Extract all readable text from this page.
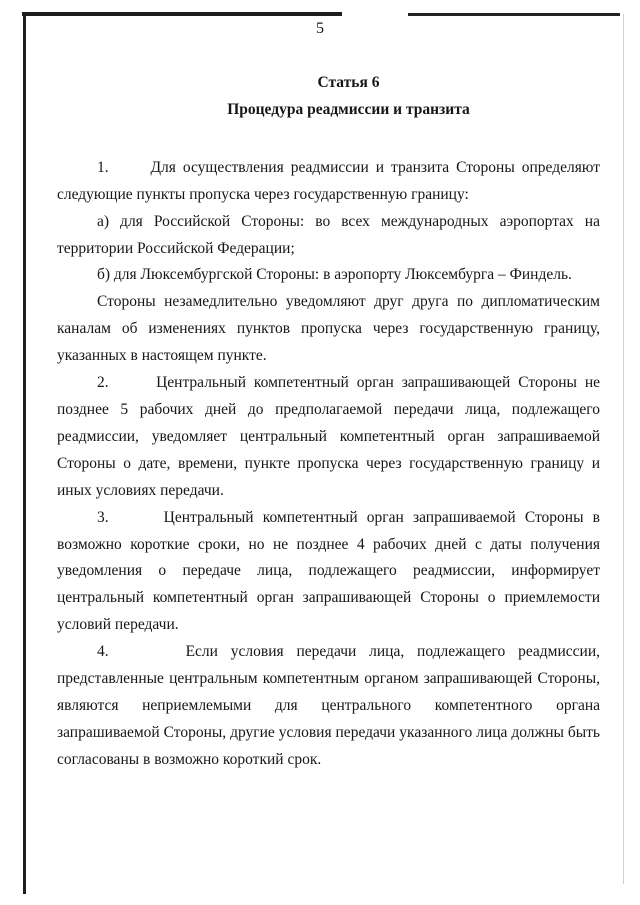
5

Статья 6

Процедура реадмиссии и транзита

1.      Для осуществления реадмиссии и транзита Стороны определяют следующие пункты пропуска через государственную границу:

а) для Российской Стороны: во всех международных аэропортах на территории Российской Федерации;

б) для Люксембургской Стороны: в аэропорту Люксембурга – Финдель.

Стороны незамедлительно уведомляют друг друга по дипломатическим каналам об изменениях пунктов пропуска через государственную границу, указанных в настоящем пункте.

2.      Центральный компетентный орган запрашивающей Стороны не позднее 5 рабочих дней до предполагаемой передачи лица, подлежащего реадмиссии, уведомляет центральный компетентный орган запрашиваемой Стороны о дате, времени, пункте пропуска через государственную границу и иных условиях передачи.

3.      Центральный компетентный орган запрашиваемой Стороны в возможно короткие сроки, но не позднее 4 рабочих дней с даты получения уведомления о передаче лица, подлежащего реадмиссии, информирует центральный компетентный орган запрашивающей Стороны о приемлемости условий передачи.

4.      Если условия передачи лица, подлежащего реадмиссии, представленные центральным компетентным органом запрашивающей Стороны, являются неприемлемыми для центрального компетентного органа запрашиваемой Стороны, другие условия передачи указанного лица должны быть согласованы в возможно короткий срок.
